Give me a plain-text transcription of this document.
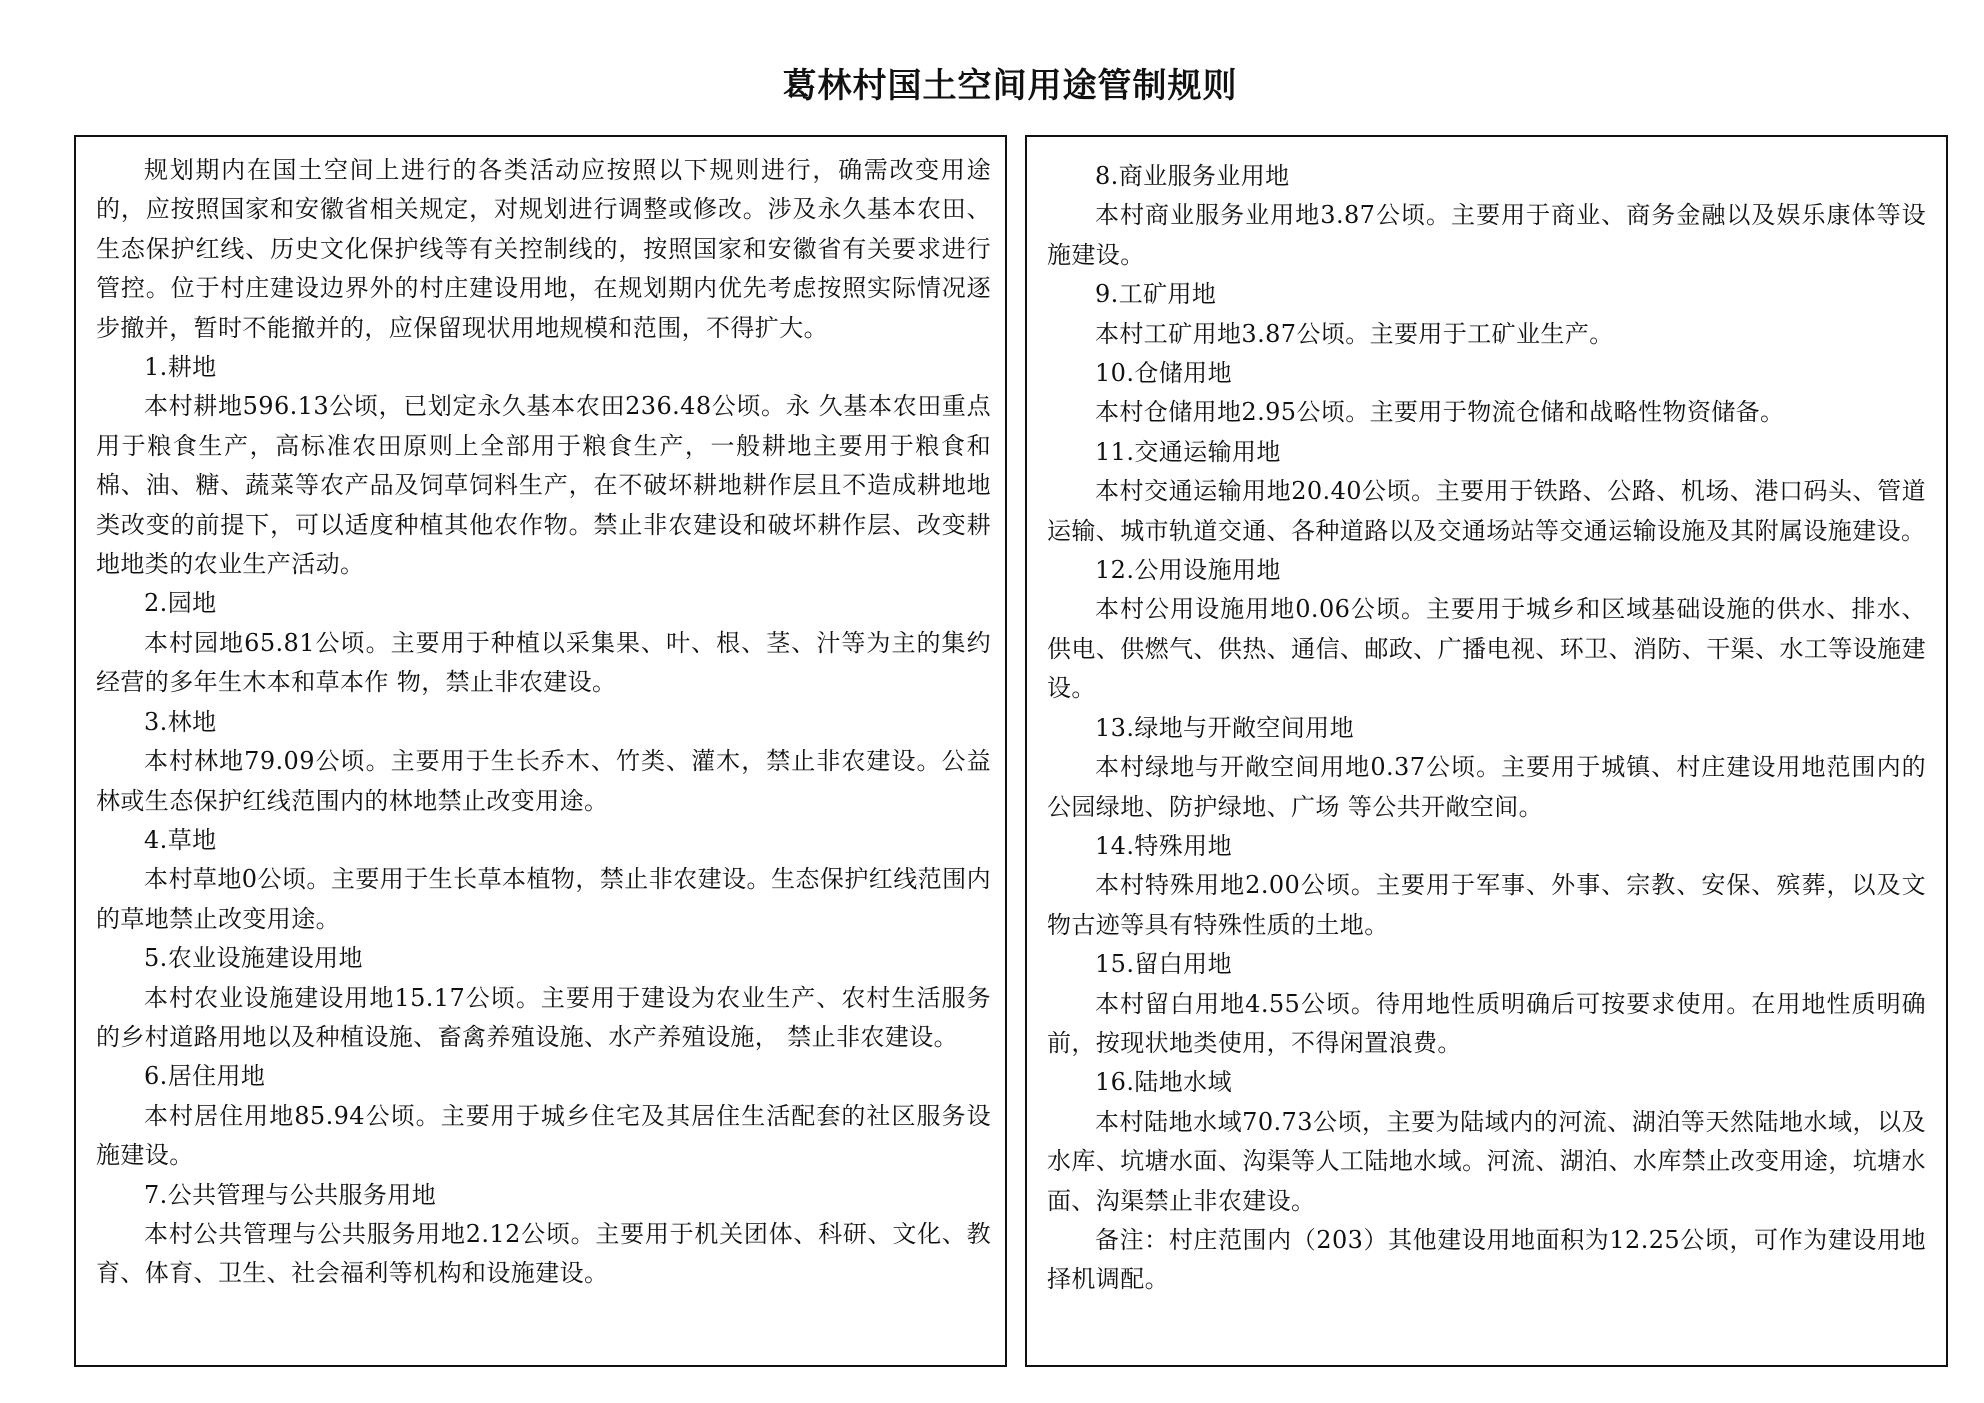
葛林村国土空间用途管制规则

规划期内在国土空间上进行的各类活动应按照以下规则进行，确需改变用途的，应按照国家和安徽省相关规定，对规划进行调整或修改。涉及永久基本农田、生态保护红线、历史文化保护线等有关控制线的，按照国家和安徽省有关要求进行管控。位于村庄建设边界外的村庄建设用地，在规划期内优先考虑按照实际情况逐步撤并，暂时不能撤并的，应保留现状用地规模和范围，不得扩大。

1.耕地

本村耕地596.13公顷，已划定永久基本农田236.48公顷。永 久基本农田重点用于粮食生产，高标准农田原则上全部用于粮食生产，一般耕地主要用于粮食和棉、油、糖、蔬菜等农产品及饲草饲料生产，在不破坏耕地耕作层且不造成耕地地类改变的前提下，可以适度种植其他农作物。禁止非农建设和破坏耕作层、改变耕地地类的农业生产活动。

2.园地

本村园地65.81公顷。主要用于种植以采集果、叶、根、茎、汁等为主的集约经营的多年生木本和草本作 物，禁止非农建设。

3.林地

本村林地79.09公顷。主要用于生长乔木、竹类、灌木，禁止非农建设。公益林或生态保护红线范围内的林地禁止改变用途。

4.草地

本村草地0公顷。主要用于生长草本植物，禁止非农建设。生态保护红线范围内的草地禁止改变用途。

5.农业设施建设用地

本村农业设施建设用地15.17公顷。主要用于建设为农业生产、农村生活服务的乡村道路用地以及种植设施、畜禽养殖设施、水产养殖设施， 禁止非农建设。

6.居住用地

本村居住用地85.94公顷。主要用于城乡住宅及其居住生活配套的社区服务设施建设。

7.公共管理与公共服务用地

本村公共管理与公共服务用地2.12公顷。主要用于机关团体、科研、文化、教育、体育、卫生、社会福利等机构和设施建设。

8.商业服务业用地

本村商业服务业用地3.87公顷。主要用于商业、商务金融以及娱乐康体等设施建设。

9.工矿用地

本村工矿用地3.87公顷。主要用于工矿业生产。

10.仓储用地

本村仓储用地2.95公顷。主要用于物流仓储和战略性物资储备。

11.交通运输用地

本村交通运输用地20.40公顷。主要用于铁路、公路、机场、港口码头、管道运输、城市轨道交通、各种道路以及交通场站等交通运输设施及其附属设施建设。

12.公用设施用地

本村公用设施用地0.06公顷。主要用于城乡和区域基础设施的供水、排水、供电、供燃气、供热、通信、邮政、广播电视、环卫、消防、干渠、水工等设施建设。

13.绿地与开敞空间用地

本村绿地与开敞空间用地0.37公顷。主要用于城镇、村庄建设用地范围内的公园绿地、防护绿地、广场 等公共开敞空间。

14.特殊用地

本村特殊用地2.00公顷。主要用于军事、外事、宗教、安保、殡葬，以及文物古迹等具有特殊性质的土地。

15.留白用地

本村留白用地4.55公顷。待用地性质明确后可按要求使用。在用地性质明确前，按现状地类使用，不得闲置浪费。

16.陆地水域

本村陆地水域70.73公顷，主要为陆域内的河流、湖泊等天然陆地水域，以及水库、坑塘水面、沟渠等人工陆地水域。河流、湖泊、水库禁止改变用途，坑塘水面、沟渠禁止非农建设。

备注：村庄范围内（203）其他建设用地面积为12.25公顷，可作为建设用地择机调配。
